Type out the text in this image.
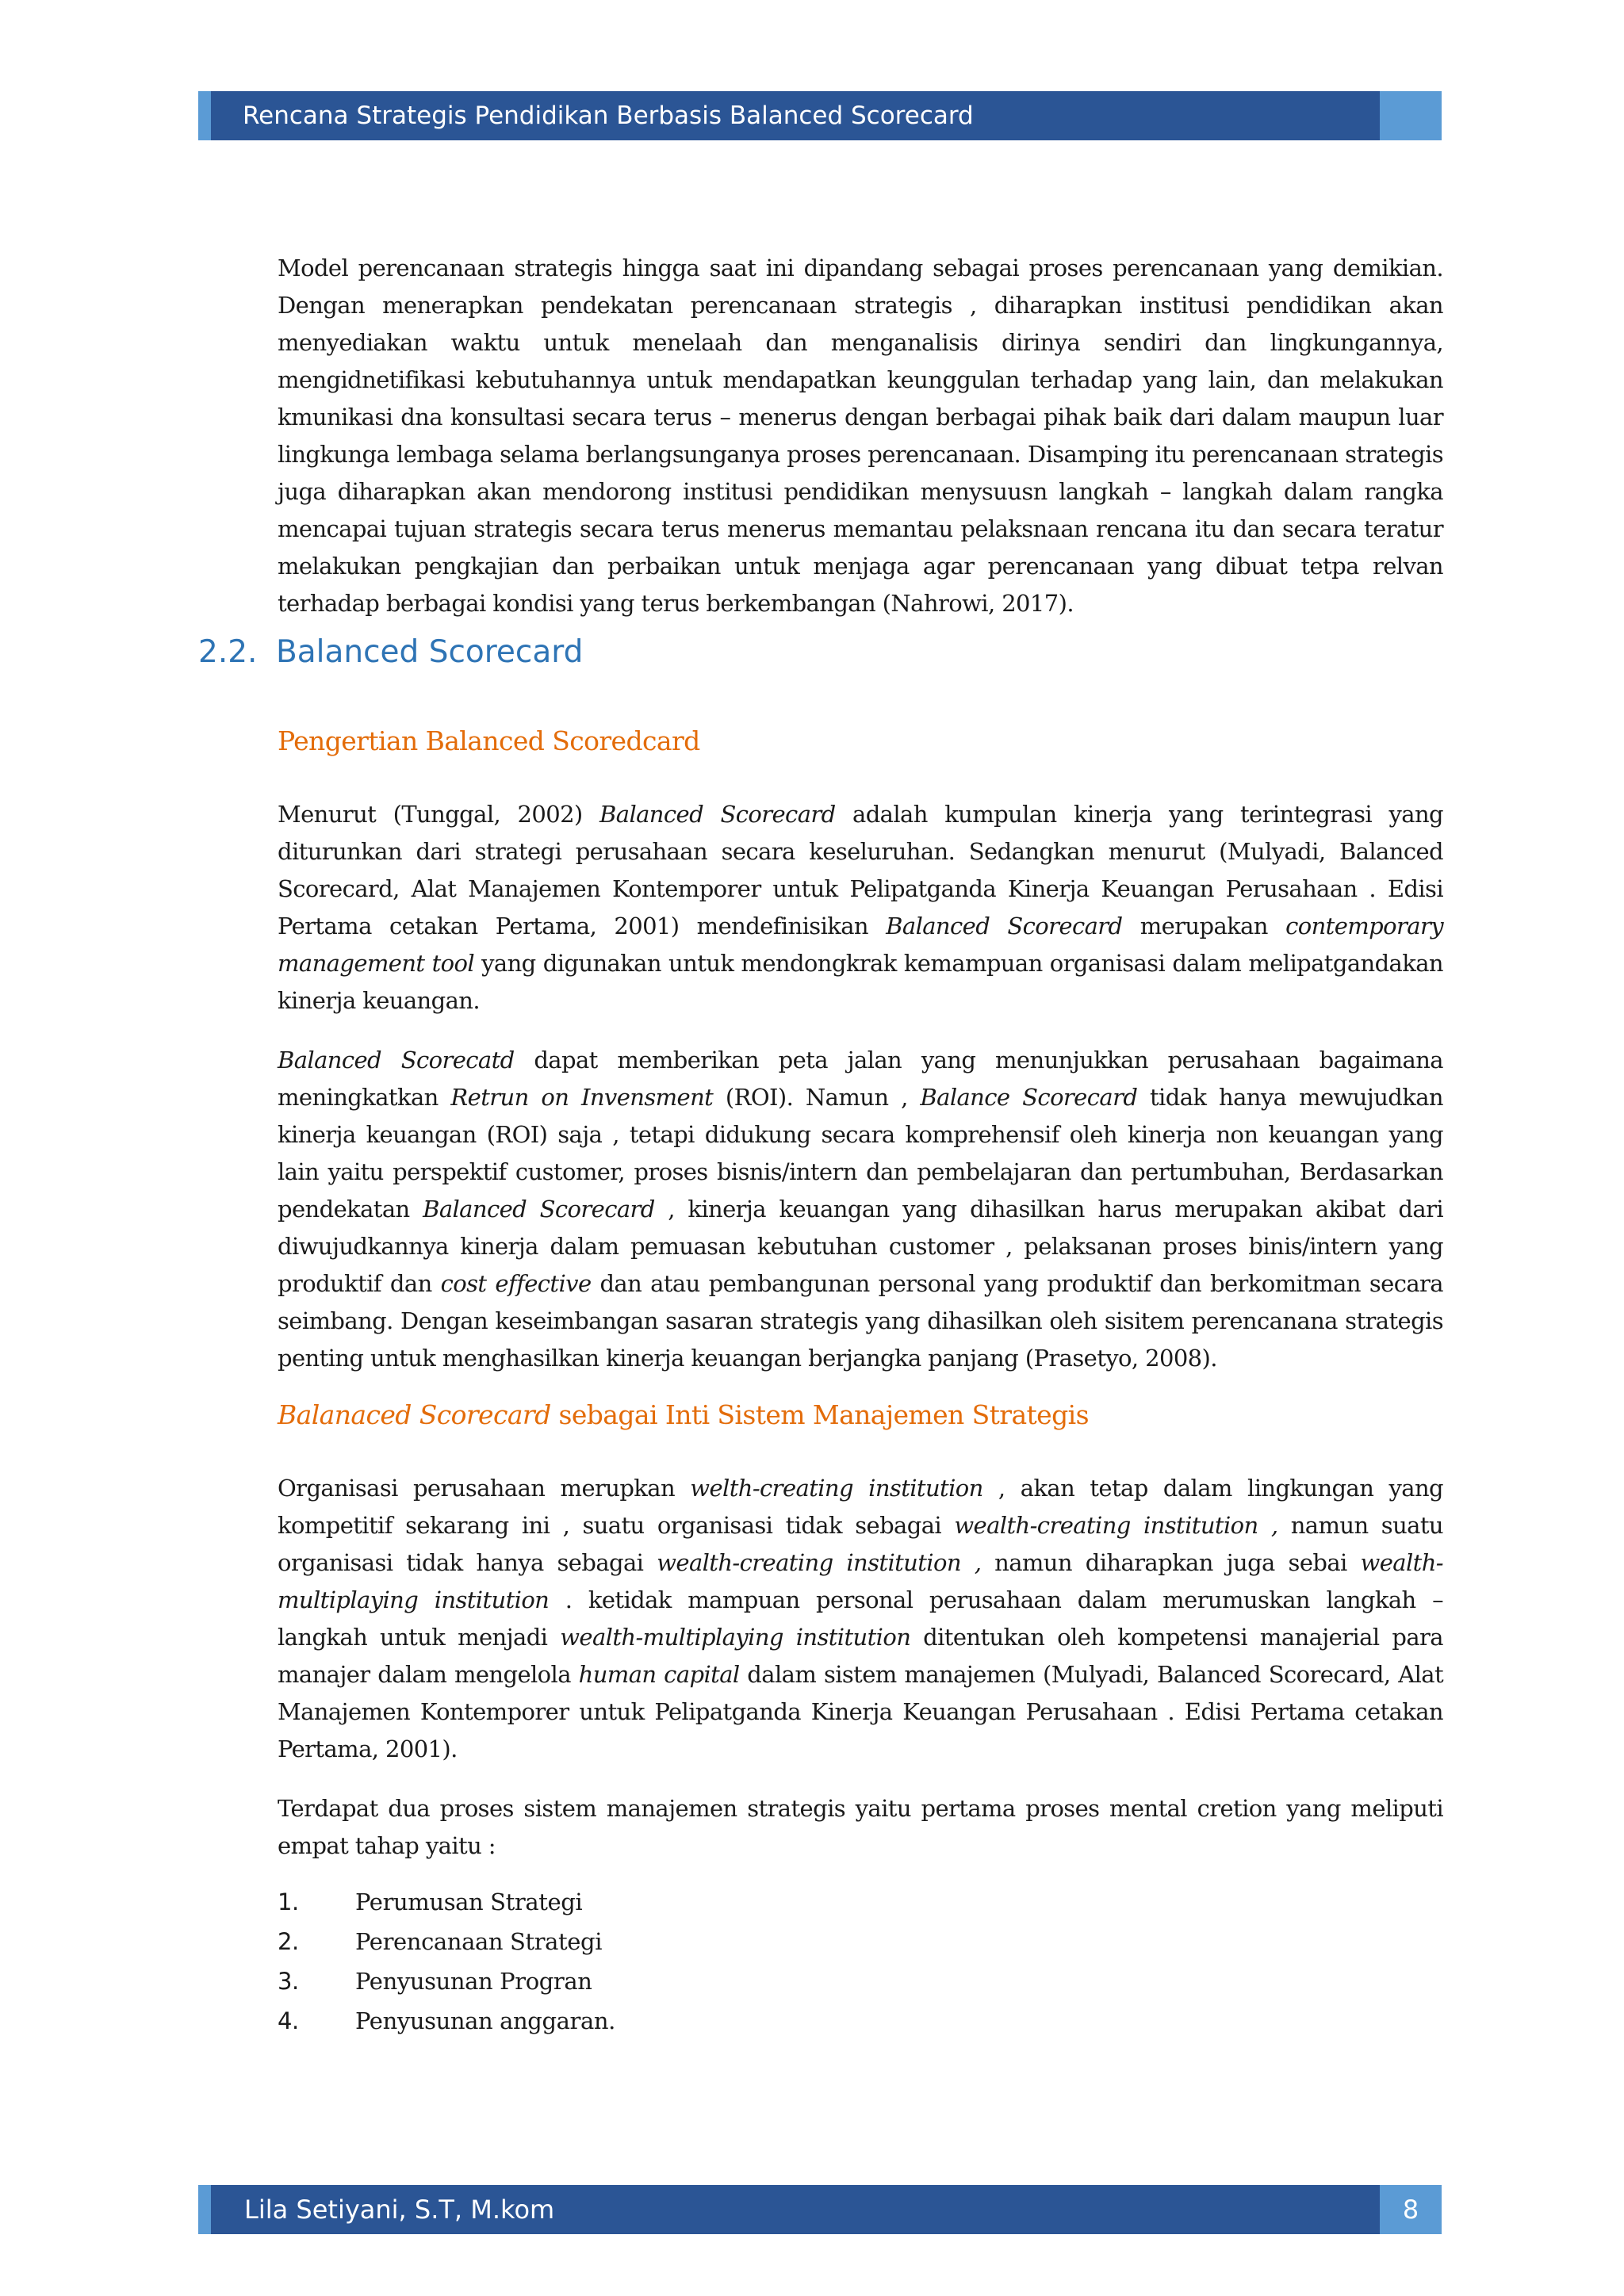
Rencana Strategis Pendidikan Berbasis Balanced Scorecard
2.2. Balanced Scorecard

Model perencanaan strategis hingga saat ini dipandang sebagai proses perencanaan yang demikian. Dengan menerapkan pendekatan perencanaan strategis , diharapkan institusi pendidikan akan menyediakan waktu untuk menelaah dan menganalisis dirinya sendiri dan lingkungannya, mengidnetifikasi kebutuhannya untuk mendapatkan keunggulan terhadap yang lain, dan melakukan kmunikasi dna konsultasi secara terus – menerus dengan berbagai pihak baik dari dalam maupun luar lingkunga lembaga selama berlangsunganya proses perencanaan. Disamping itu perencanaan strategis juga diharapkan akan mendorong institusi pendidikan menysuusn langkah – langkah dalam rangka mencapai tujuan strategis secara terus menerus memantau pelaksnaan rencana itu dan secara teratur melakukan pengkajian dan perbaikan untuk menjaga agar perencanaan yang dibuat tetpa relvan terhadap berbagai kondisi yang terus berkembangan (Nahrowi, 2017).

Pengertian Balanced Scoredcard

Menurut (Tunggal, 2002) Balanced Scorecard adalah kumpulan kinerja yang terintegrasi yang diturunkan dari strategi perusahaan secara keseluruhan. Sedangkan menurut (Mulyadi, Balanced Scorecard, Alat Manajemen Kontemporer untuk Pelipatganda Kinerja Keuangan Perusahaan . Edisi Pertama cetakan Pertama, 2001) mendefinisikan Balanced Scorecard merupakan contemporary management tool yang digunakan untuk mendongkrak kemampuan organisasi dalam melipatgandakan kinerja keuangan.

Balanced Scorecatd dapat memberikan peta jalan yang menunjukkan perusahaan bagaimana meningkatkan Retrun on Invensment (ROI). Namun , Balance Scorecard tidak hanya mewujudkan kinerja keuangan (ROI) saja , tetapi didukung secara komprehensif oleh kinerja non keuangan yang lain yaitu perspektif customer, proses bisnis/intern dan pembelajaran dan pertumbuhan, Berdasarkan pendekatan Balanced Scorecard , kinerja keuangan yang dihasilkan harus merupakan akibat dari diwujudkannya kinerja dalam pemuasan kebutuhan customer , pelaksanan proses binis/intern yang produktif dan cost effective dan atau pembangunan personal yang produktif dan berkomitman secara seimbang. Dengan keseimbangan sasaran strategis yang dihasilkan oleh sisitem perencanana strategis penting untuk menghasilkan kinerja keuangan berjangka panjang (Prasetyo, 2008).

Balanaced Scorecard sebagai Inti Sistem Manajemen Strategis

Organisasi perusahaan merupkan welth-creating institution , akan tetap dalam lingkungan yang kompetitif sekarang ini , suatu organisasi tidak sebagai wealth-creating institution , namun suatu organisasi tidak hanya sebagai wealth-creating institution , namun diharapkan juga sebai wealth-multiplaying institution . ketidak mampuan personal perusahaan dalam merumuskan langkah – langkah untuk menjadi wealth-multiplaying institution ditentukan oleh kompetensi manajerial para manajer dalam mengelola human capital dalam sistem manajemen (Mulyadi, Balanced Scorecard, Alat Manajemen Kontemporer untuk Pelipatganda Kinerja Keuangan Perusahaan . Edisi Pertama cetakan Pertama, 2001).

Terdapat dua proses sistem manajemen strategis yaitu pertama proses mental cretion yang meliputi empat tahap yaitu :

1. Perumusan Strategi
2. Perencanaan Strategi
3. Penyusunan Progran
4. Penyusunan anggaran.
Lila Setiyani, S.T, M.kom	8
